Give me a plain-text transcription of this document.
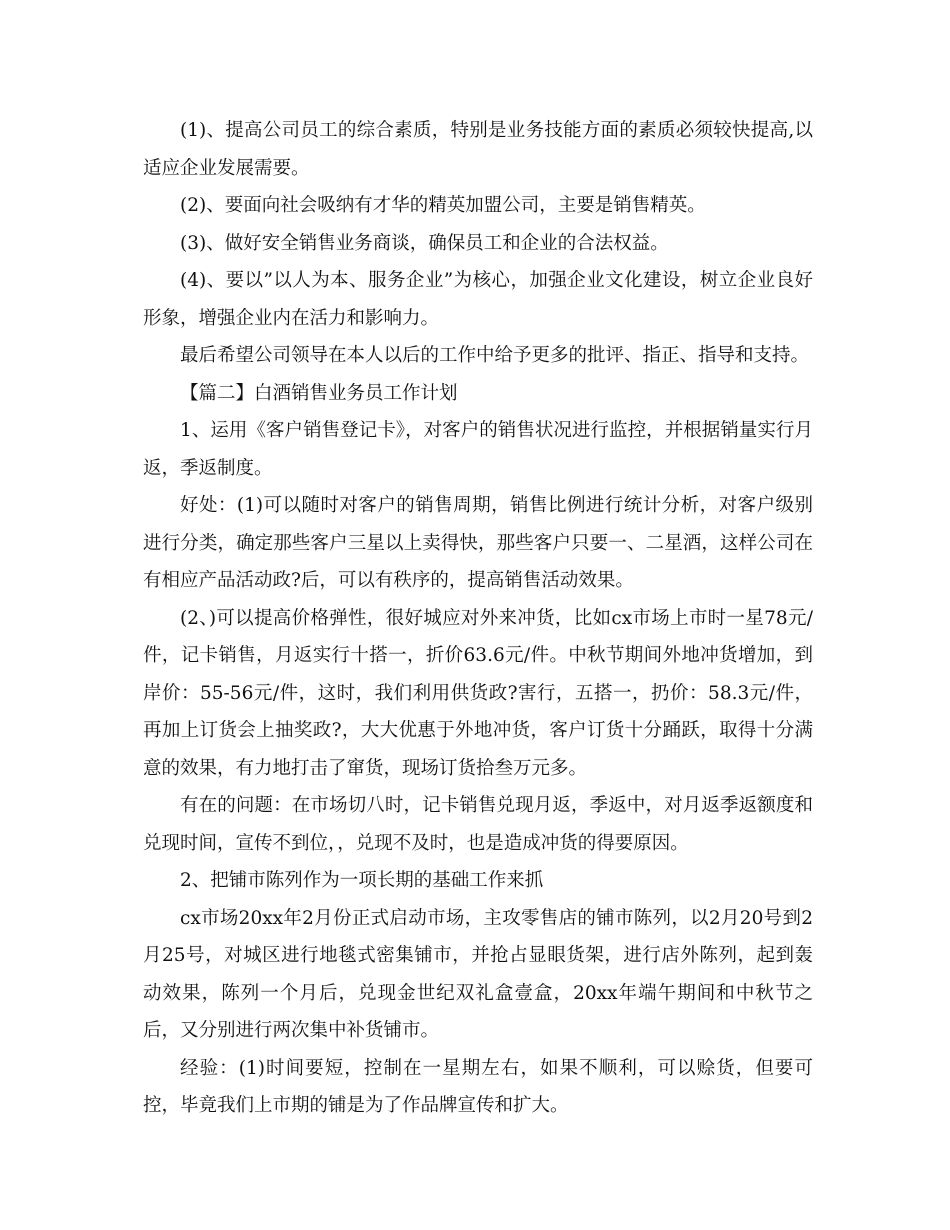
(1)、提高公司员工的综合素质，特别是业务技能方面的素质必须较快提高,以适应企业发展需要。

(2)、要面向社会吸纳有才华的精英加盟公司，主要是销售精英。

(3)、做好安全销售业务商谈，确保员工和企业的合法权益。

(4)、要以”以人为本、服务企业”为核心，加强企业文化建设，树立企业良好形象，增强企业内在活力和影响力。

最后希望公司领导在本人以后的工作中给予更多的批评、指正、指导和支持。

【篇二】白酒销售业务员工作计划

1、运用《客户销售登记卡》，对客户的销售状况进行监控，并根据销量实行月返，季返制度。

好处：(1)可以随时对客户的销售周期，销售比例进行统计分析，对客户级别进行分类，确定那些客户三星以上卖得快，那些客户只要一、二星酒，这样公司在有相应产品活动政?后，可以有秩序的，提高销售活动效果。

(2、)可以提高价格弹性，很好城应对外来冲货，比如cx市场上市时一星78元/件，记卡销售，月返实行十搭一，折价63.6元/件。中秋节期间外地冲货增加，到岸价：55-56元/件，这时，我们利用供货政?害行，五搭一，扔价：58.3元/件，再加上订货会上抽奖政?，大大优惠于外地冲货，客户订货十分踊跃，取得十分满意的效果，有力地打击了窜货，现场订货拾叁万元多。

有在的问题：在市场切八时，记卡销售兑现月返，季返中，对月返季返额度和兑现时间，宣传不到位，，兑现不及时，也是造成冲货的得要原因。

2、把铺市陈列作为一项长期的基础工作来抓

cx市场20xx年2月份正式启动市场，主攻零售店的铺市陈列，以2月20号到2月25号，对城区进行地毯式密集铺市，并抢占显眼货架，进行店外陈列，起到轰动效果，陈列一个月后，兑现金世纪双礼盒壹盒，20xx年端午期间和中秋节之后，又分别进行两次集中补货铺市。

经验：(1)时间要短，控制在一星期左右，如果不顺利，可以赊货，但要可控，毕竟我们上市期的铺是为了作品牌宣传和扩大。
